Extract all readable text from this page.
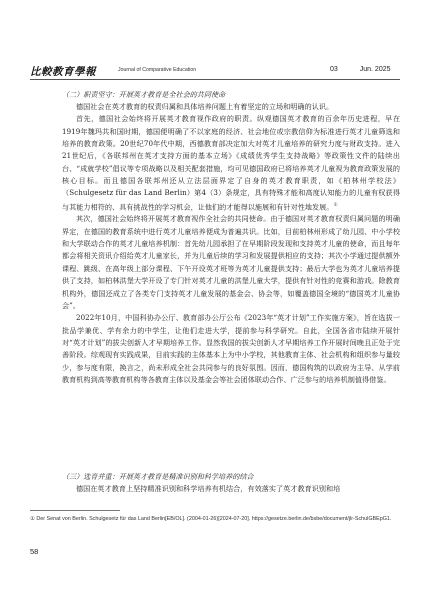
比較教育學報	Journal of Comparative Education	03	Jun. 2025
（二）职责坚守：开展英才教育是全社会的共同使命
德国社会在英才教育的权责归属和具体培养问题上有着坚定的立场和明确的认识。
首先，德国社会始终将开展英才教育视作政府的职责。纵观德国英才教育的百余年历史进程，早在1919年魏玛共和国时期，德国便明确了不以家庭的经济、社会地位或宗教信仰为标准进行英才儿童筛选和培养的教育政策。20世纪70年代中期，西德教育部决定加大对英才儿童培养的研究力度与财政支持。进入21世纪后，《各联邦州在英才支持方面的基本立场》《成绩优秀学生支持战略》等政策性文件的陆续出台、“成就学校”倡议等专项战略以及相关配套措施，均可见德国政府已将培养英才儿童视为教育政策发展的核心目标。而且德国各联邦州还从立法层面界定了自身的英才教育职责，如《柏林州学校法》（Schulgesetz für das Land Berlin）第4（3）条规定，具有特殊才能和高度认知能力的儿童有权获得与其能力相符的、具有挑战性的学习机会，让他们的才能得以施展和有针对性地发展。①
其次，德国社会始终将开展英才教育视作全社会的共同使命。由于德国对英才教育权责归属问题的明确界定，在德国的教育系统中进行英才儿童培养便成为普遍共识。比如，目前柏林州形成了幼儿园、中小学校和大学联动合作的英才儿童培养机制：首先幼儿园承担了在早期阶段发现和支持英才儿童的使命，而且每年都会将相关资讯介绍给英才儿童家长，并为儿童后续的学习和发展提供相应的支持；其次小学通过提供额外课程、跳级、在高年级上部分课程、下午开设英才班等为英才儿童提供支持；最后大学也为英才儿童培养提供了支持，如柏林洪堡大学开设了专门针对英才儿童的洪堡儿童大学，提供有针对性的竞赛和游戏。除教育机构外，德国还成立了各类专门支持英才儿童发展的基金会、协会等，如覆盖德国全境的“德国英才儿童协会”。
2022年10月，中国科协办公厅、教育部办公厅公布《2023年“英才计划”工作实施方案》，旨在选拔一批品学兼优、学有余力的中学生，让他们走进大学，提前参与科学研究。自此，全国各省市陆续开展针对“英才计划”的拔尖创新人才早期培养工作。显然我国的拔尖创新人才早期培养工作开展时间晚且正处于完善阶段。综观现有实践成果，目前实践的主体基本上为中小学校，其他教育主体、社会机构和组织参与量较少，参与度有限，换言之，尚未形成全社会共同参与的良好氛围。因而，德国构筑的以政府为主导、从学前教育机构到高等教育机构等各教育主体以及基金会等社会团体联动合作、广泛参与的培养机制值得借鉴。
（三）选育并重：开展英才教育是精准识别和科学培养的结合
德国在英才教育上坚持精准识别和科学培养有机结合，有效落实了英才教育识别和培
① Der Senat von Berlin. Schulgesetz für das Land Berlin[EB/OL]. (2004-01-26)[2024-07-20]. https://gesetze.berlin.de/bsbe/document/jlr-SchulGBEpG1.
58
